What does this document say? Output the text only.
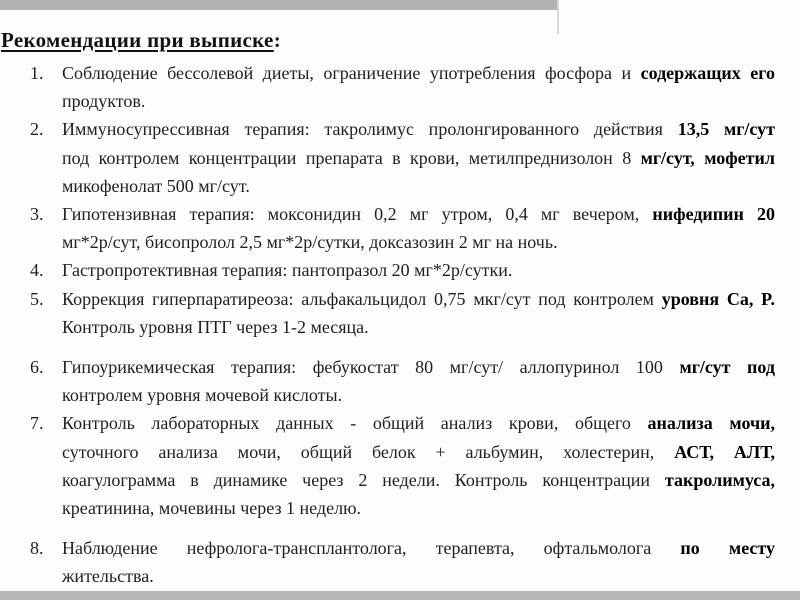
Рекомендации при выписке:
1.	Соблюдение бессолевой диеты, ограничение употребления фосфора и содержащих его
продуктов.
2.	Иммуносупрессивная терапия: такролимус пролонгированного действия 13,5 мг/сут
под контролем концентрации препарата в крови, метилпреднизолон 8 мг/сут, мофетил
микофенолат 500 мг/сут.
3.	Гипотензивная терапия: моксонидин 0,2 мг утром, 0,4 мг вечером, нифедипин 20
мг*2р/сут, бисопролол 2,5 мг*2р/сутки, доксазозин 2 мг на ночь.
4.	Гастропротективная терапия: пантопразол 20 мг*2р/сутки.
5.	Коррекция гиперпаратиреоза: альфакальцидол 0,75 мкг/сут под контролем уровня Ca, P.
Контроль уровня ПТГ через 1-2 месяца.
6.	Гипоурикемическая терапия: фебукостат 80 мг/сут/ аллопуринол 100 мг/сут под
контролем уровня мочевой кислоты.
7.	Контроль лабораторных данных - общий анализ крови, общего анализа мочи,
суточного анализа мочи, общий белок + альбумин, холестерин, АСТ, АЛТ,
коагулограмма в динамике через 2 недели. Контроль концентрации такролимуса,
креатинина, мочевины через 1 неделю.
8.	Наблюдение нефролога-трансплантолога, терапевта, офтальмолога по месту
жительства.
